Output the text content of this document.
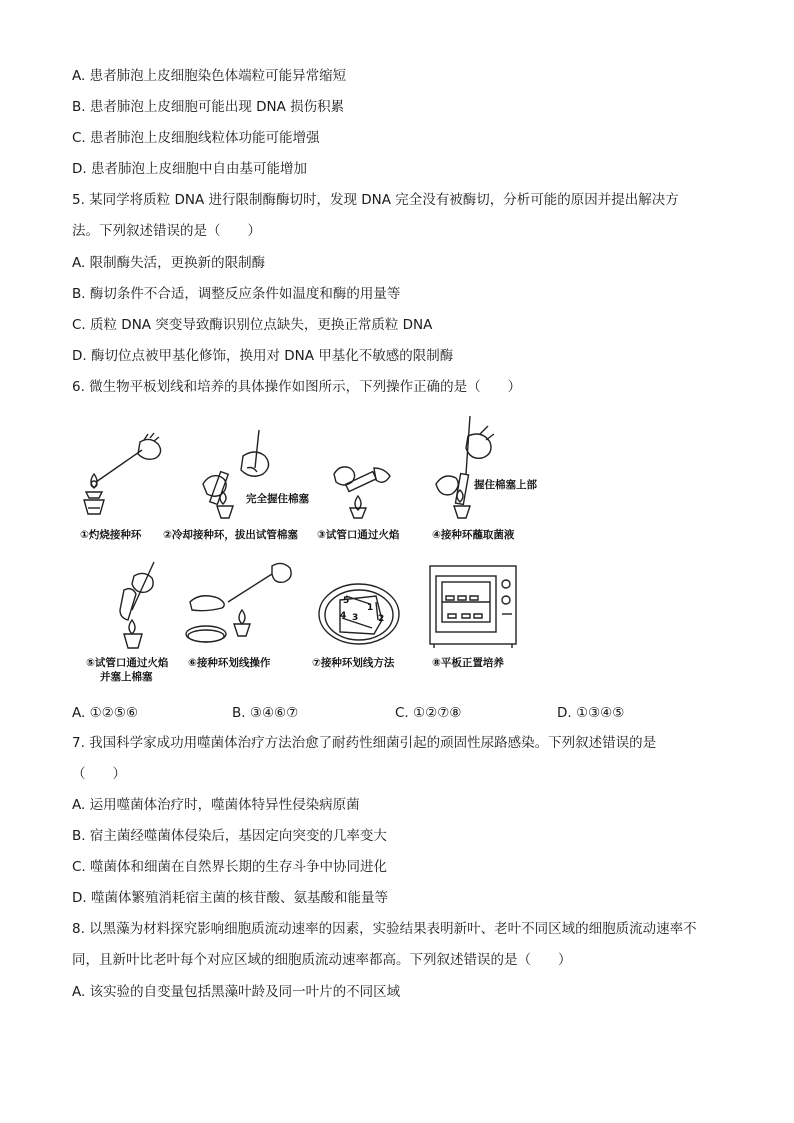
A. 患者肺泡上皮细胞染色体端粒可能异常缩短
B. 患者肺泡上皮细胞可能出现 DNA 损伤积累
C. 患者肺泡上皮细胞线粒体功能可能增强
D. 患者肺泡上皮细胞中自由基可能增加
5. 某同学将质粒 DNA 进行限制酶酶切时，发现 DNA 完全没有被酶切，分析可能的原因并提出解决方
法。下列叙述错误的是（　　）
A. 限制酶失活，更换新的限制酶
B. 酶切条件不合适，调整反应条件如温度和酶的用量等
C. 质粒 DNA 突变导致酶识别位点缺失，更换正常质粒 DNA
D. 酶切位点被甲基化修饰，换用对 DNA 甲基化不敏感的限制酶
6. 微生物平板划线和培养的具体操作如图所示，下列操作正确的是（　　）
完全握住棉塞
握住棉塞上部
①灼烧接种环 ②冷却接种环，拔出试管棉塞 ③试管口通过火焰	④接种环蘸取菌液
5
1
2
3
4
⑤试管口通过火焰
并塞上棉塞
⑥接种环划线操作	⑦接种环划线方法	⑧平板正置培养
A. ①②⑤⑥	B. ③④⑥⑦	C. ①②⑦⑧	D. ①③④⑤
7. 我国科学家成功用噬菌体治疗方法治愈了耐药性细菌引起的顽固性尿路感染。下列叙述错误的是
（　　）
A. 运用噬菌体治疗时，噬菌体特异性侵染病原菌
B. 宿主菌经噬菌体侵染后，基因定向突变的几率变大
C. 噬菌体和细菌在自然界长期的生存斗争中协同进化
D. 噬菌体繁殖消耗宿主菌的核苷酸、氨基酸和能量等
8. 以黑藻为材料探究影响细胞质流动速率的因素，实验结果表明新叶、老叶不同区域的细胞质流动速率不
同，且新叶比老叶每个对应区域的细胞质流动速率都高。下列叙述错误的是（　　）
A. 该实验的自变量包括黑藻叶龄及同一叶片的不同区域
